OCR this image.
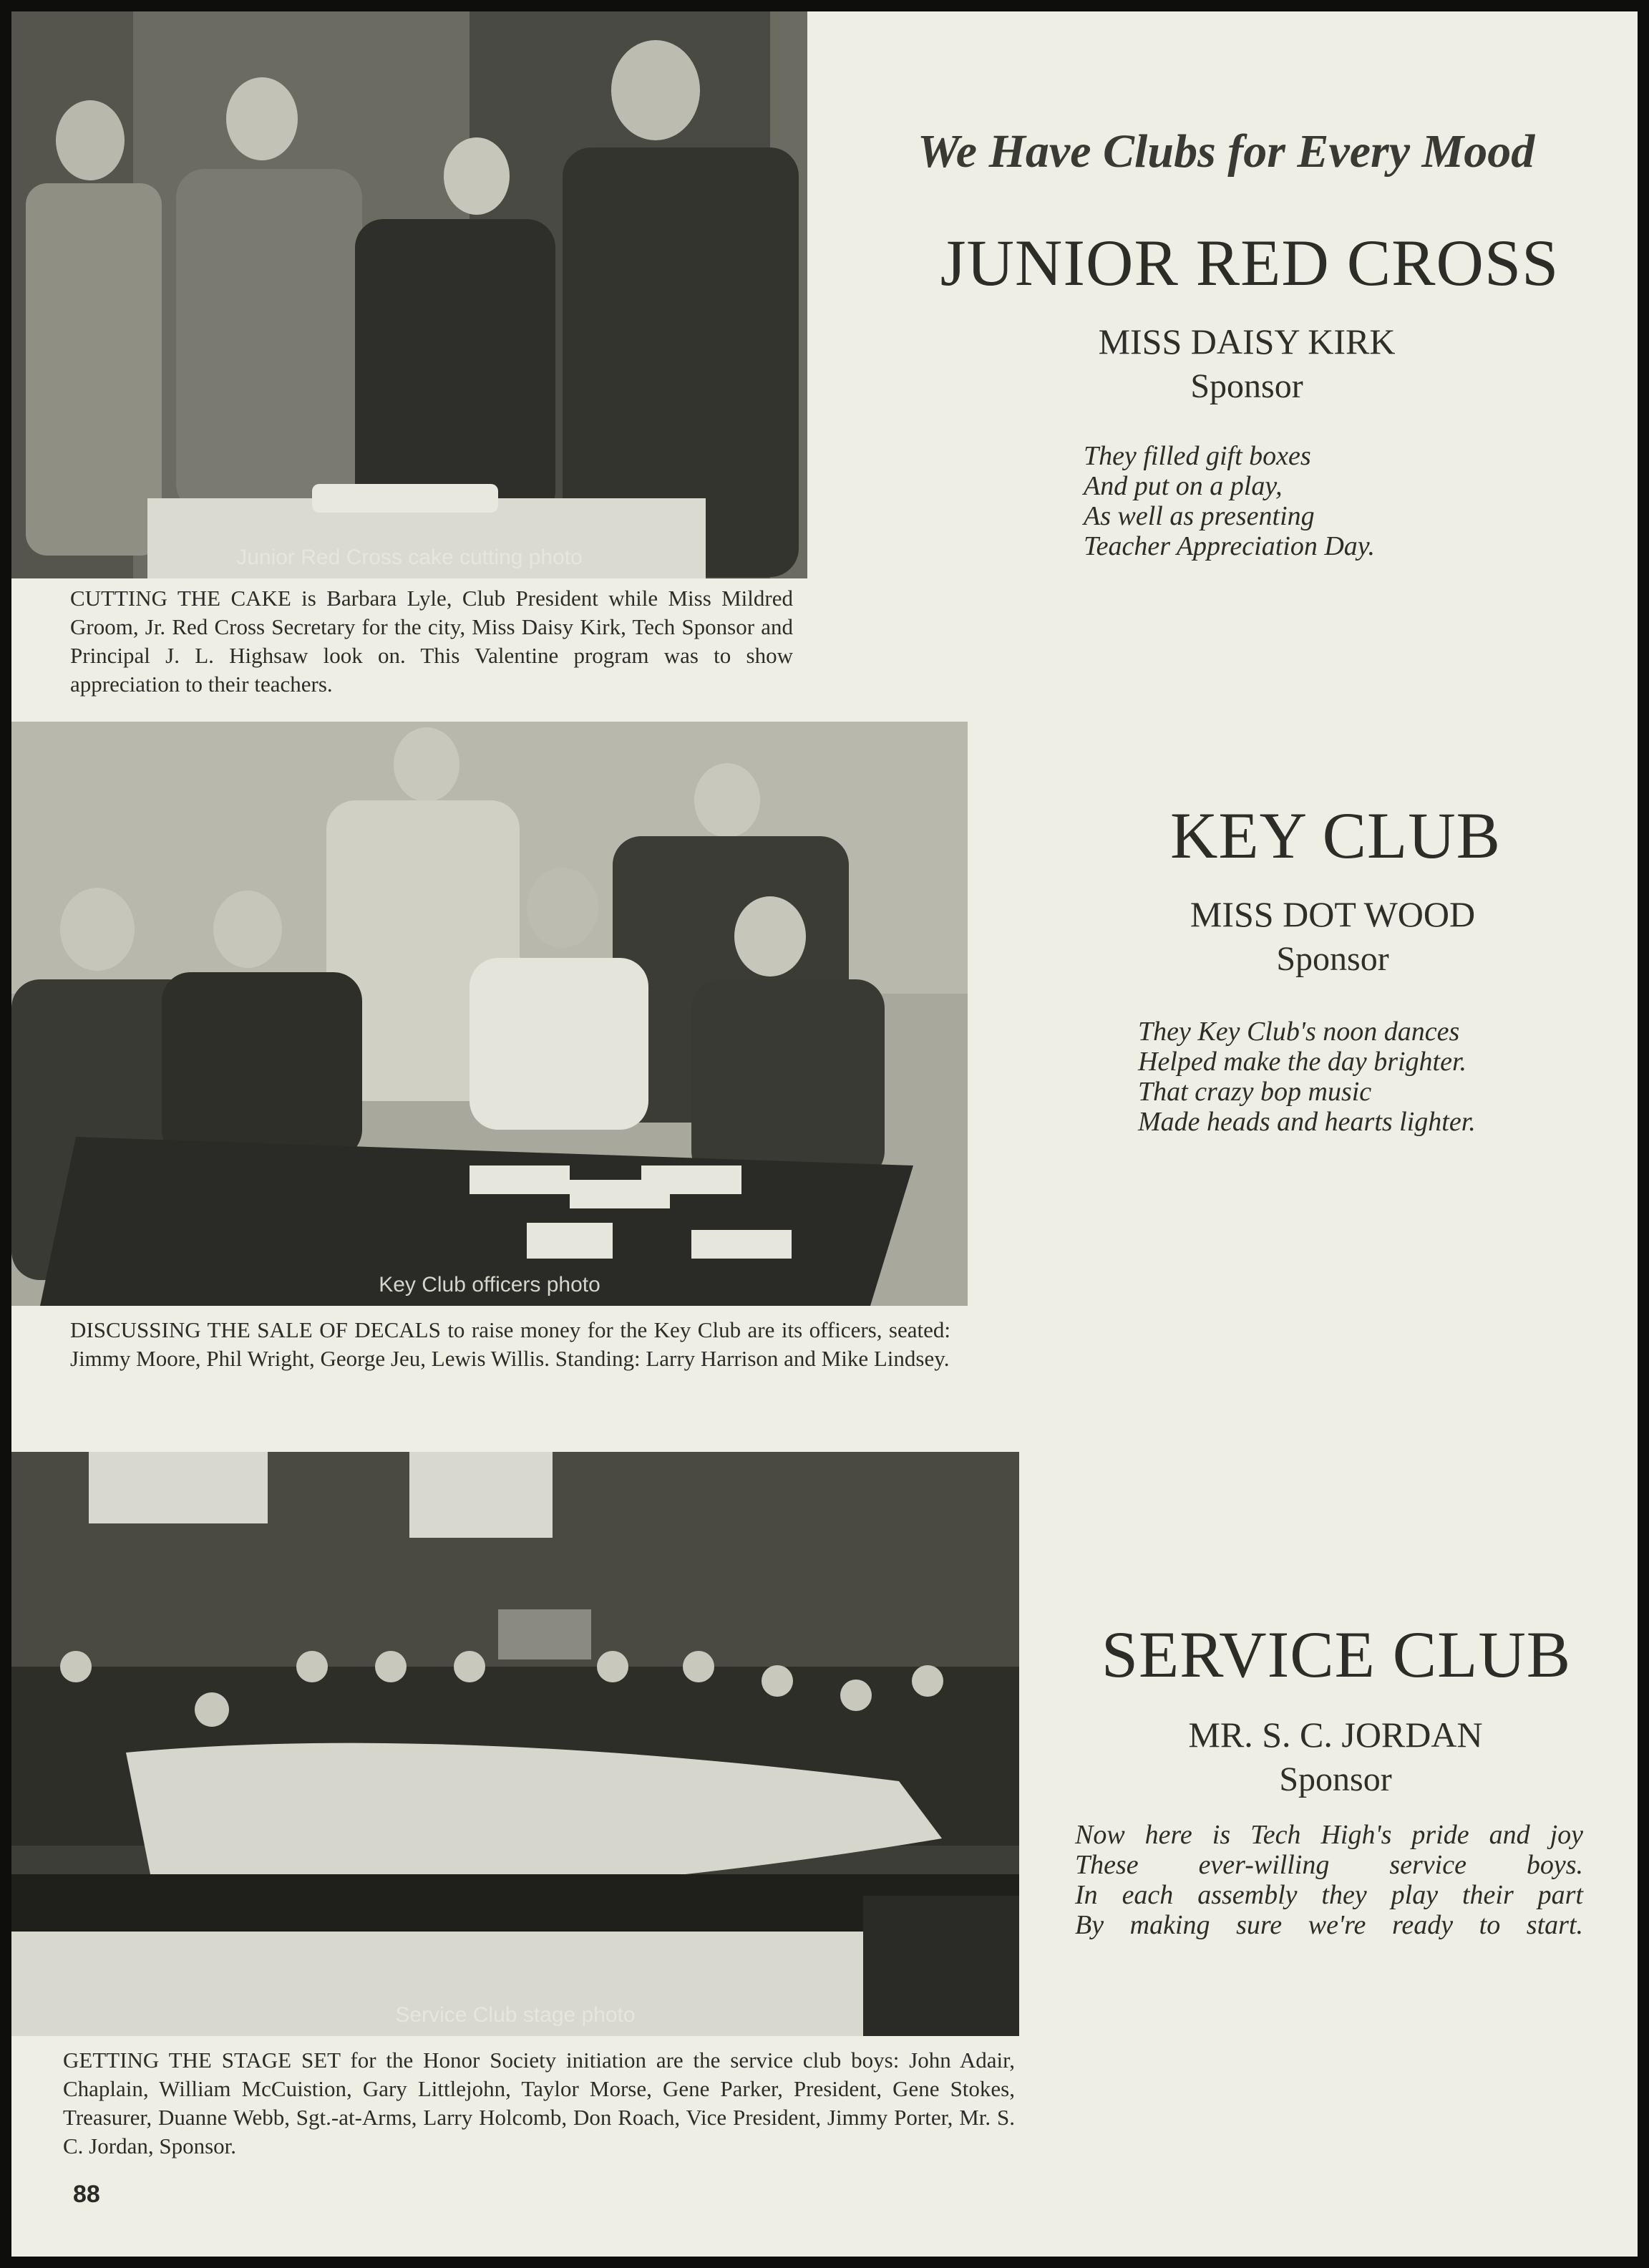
Junior Red Cross cake cutting photo
CUTTING THE CAKE is Barbara Lyle, Club President while Miss Mildred Groom, Jr. Red Cross Secretary for the city, Miss Daisy Kirk, Tech Sponsor and Principal J. L. Highsaw look on. This Valentine program was to show appreciation to their teachers.
Key Club officers photo
DISCUSSING THE SALE OF DECALS to raise money for the Key Club are its officers, seated: Jimmy Moore, Phil Wright, George Jeu, Lewis Willis. Standing: Larry Harrison and Mike Lindsey.
Service Club stage photo
GETTING THE STAGE SET for the Honor Society initiation are the service club boys: John Adair, Chaplain, William McCuistion, Gary Littlejohn, Taylor Morse, Gene Parker, President, Gene Stokes, Treasurer, Duanne Webb, Sgt.-at-Arms, Larry Holcomb, Don Roach, Vice President, Jimmy Porter, Mr. S. C. Jordan, Sponsor.
We Have Clubs for Every Mood
JUNIOR RED CROSS
MISS DAISY KIRK
Sponsor
They filled gift boxes
And put on a play,
As well as presenting
Teacher Appreciation Day.
KEY CLUB
MISS DOT WOOD
Sponsor
They Key Club's noon dances
Helped make the day brighter.
That crazy bop music
Made heads and hearts lighter.
SERVICE CLUB
MR. S. C. JORDAN
Sponsor
Now here is Tech High's pride and joy
These ever-willing service boys.
In each assembly they play their part
By making sure we're ready to start.
88
